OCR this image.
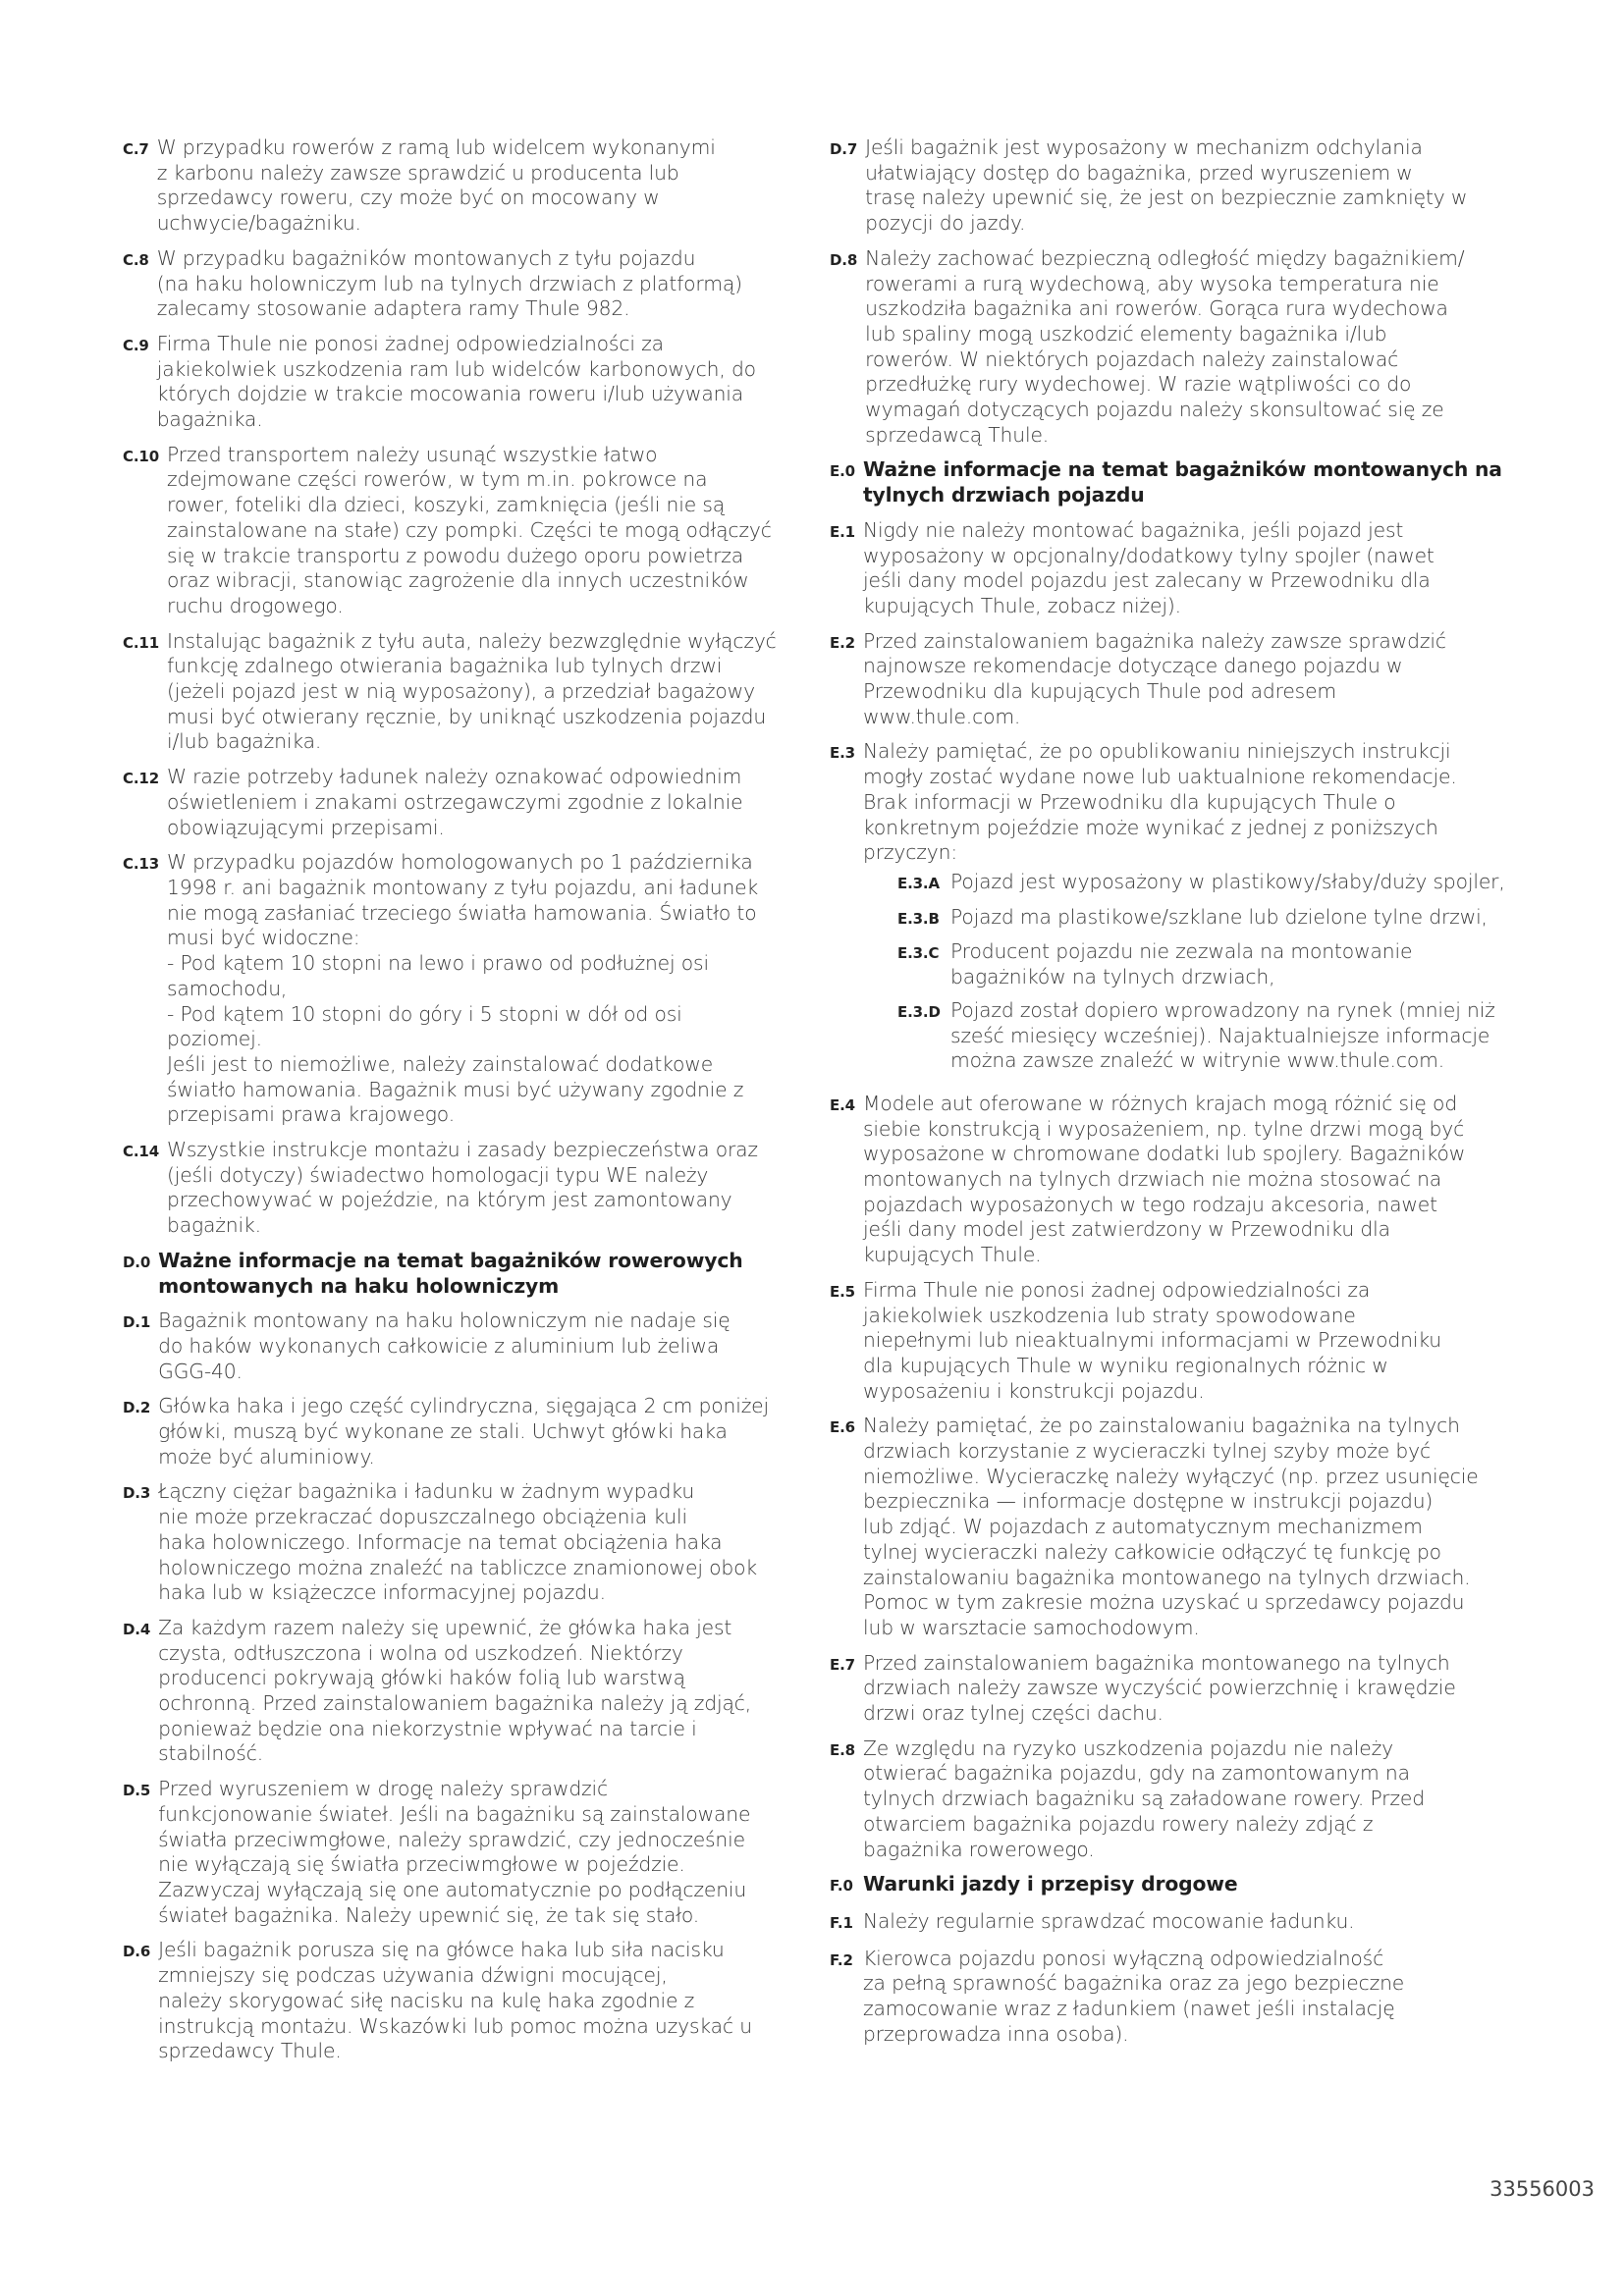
C.7 W przypadku rowerów z ramą lub widelcem wykonanymi
z karbonu należy zawsze sprawdzić u producenta lub
sprzedawcy roweru, czy może być on mocowany w
uchwycie/bagażniku.
C.8 W przypadku bagażników montowanych z tyłu pojazdu
(na haku holowniczym lub na tylnych drzwiach z platformą)
zalecamy stosowanie adaptera ramy Thule 982.
C.9 Firma Thule nie ponosi żadnej odpowiedzialności za
jakiekolwiek uszkodzenia ram lub widelców karbonowych, do
których dojdzie w trakcie mocowania roweru i/lub używania
bagażnika.
C.10 Przed transportem należy usunąć wszystkie łatwo
zdejmowane części rowerów, w tym m.in. pokrowce na
rower, foteliki dla dzieci, koszyki, zamknięcia (jeśli nie są
zainstalowane na stałe) czy pompki. Części te mogą odłączyć
się w trakcie transportu z powodu dużego oporu powietrza
oraz wibracji, stanowiąc zagrożenie dla innych uczestników
ruchu drogowego.
C.11 Instalując bagażnik z tyłu auta, należy bezwzględnie wyłączyć
funkcję zdalnego otwierania bagażnika lub tylnych drzwi
(jeżeli pojazd jest w nią wyposażony), a przedział bagażowy
musi być otwierany ręcznie, by uniknąć uszkodzenia pojazdu
i/lub bagażnika.
C.12 W razie potrzeby ładunek należy oznakować odpowiednim
oświetleniem i znakami ostrzegawczymi zgodnie z lokalnie
obowiązującymi przepisami.
C.13 W przypadku pojazdów homologowanych po 1 października
1998 r. ani bagażnik montowany z tyłu pojazdu, ani ładunek
nie mogą zasłaniać trzeciego światła hamowania. Światło to
musi być widoczne:
- Pod kątem 10 stopni na lewo i prawo od podłużnej osi
samochodu,
- Pod kątem 10 stopni do góry i 5 stopni w dół od osi
poziomej.
Jeśli jest to niemożliwe, należy zainstalować dodatkowe
światło hamowania. Bagażnik musi być używany zgodnie z
przepisami prawa krajowego.
C.14 Wszystkie instrukcje montażu i zasady bezpieczeństwa oraz
(jeśli dotyczy) świadectwo homologacji typu WE należy
przechowywać w pojeździe, na którym jest zamontowany
bagażnik.
D.0 Ważne informacje na temat bagażników rowerowych
montowanych na haku holowniczym
D.1 Bagażnik montowany na haku holowniczym nie nadaje się
do haków wykonanych całkowicie z aluminium lub żeliwa
GGG-40.
D.2 Główka haka i jego część cylindryczna, sięgająca 2 cm poniżej
główki, muszą być wykonane ze stali. Uchwyt główki haka
może być aluminiowy.
D.3 Łączny ciężar bagażnika i ładunku w żadnym wypadku
nie może przekraczać dopuszczalnego obciążenia kuli
haka holowniczego. Informacje na temat obciążenia haka
holowniczego można znaleźć na tabliczce znamionowej obok
haka lub w książeczce informacyjnej pojazdu.
D.4 Za każdym razem należy się upewnić, że główka haka jest
czysta, odtłuszczona i wolna od uszkodzeń. Niektórzy
producenci pokrywają główki haków folią lub warstwą
ochronną. Przed zainstalowaniem bagażnika należy ją zdjąć,
ponieważ będzie ona niekorzystnie wpływać na tarcie i
stabilność.
D.5 Przed wyruszeniem w drogę należy sprawdzić
funkcjonowanie świateł. Jeśli na bagażniku są zainstalowane
światła przeciwmgłowe, należy sprawdzić, czy jednocześnie
nie wyłączają się światła przeciwmgłowe w pojeździe.
Zazwyczaj wyłączają się one automatycznie po podłączeniu
świateł bagażnika. Należy upewnić się, że tak się stało.
D.6 Jeśli bagażnik porusza się na główce haka lub siła nacisku
zmniejszy się podczas używania dźwigni mocującej,
należy skorygować siłę nacisku na kulę haka zgodnie z
instrukcją montażu. Wskazówki lub pomoc można uzyskać u
sprzedawcy Thule.
D.7 Jeśli bagażnik jest wyposażony w mechanizm odchylania
ułatwiający dostęp do bagażnika, przed wyruszeniem w
trasę należy upewnić się, że jest on bezpiecznie zamknięty w
pozycji do jazdy.
D.8 Należy zachować bezpieczną odległość między bagażnikiem/
rowerami a rurą wydechową, aby wysoka temperatura nie
uszkodziła bagażnika ani rowerów. Gorąca rura wydechowa
lub spaliny mogą uszkodzić elementy bagażnika i/lub
rowerów. W niektórych pojazdach należy zainstalować
przedłużkę rury wydechowej. W razie wątpliwości co do
wymagań dotyczących pojazdu należy skonsultować się ze
sprzedawcą Thule.
E.0 Ważne informacje na temat bagażników montowanych na
tylnych drzwiach pojazdu
E.1 Nigdy nie należy montować bagażnika, jeśli pojazd jest
wyposażony w opcjonalny/dodatkowy tylny spojler (nawet
jeśli dany model pojazdu jest zalecany w Przewodniku dla
kupujących Thule, zobacz niżej).
E.2 Przed zainstalowaniem bagażnika należy zawsze sprawdzić
najnowsze rekomendacje dotyczące danego pojazdu w
Przewodniku dla kupujących Thule pod adresem
www.thule.com.
E.3 Należy pamiętać, że po opublikowaniu niniejszych instrukcji
mogły zostać wydane nowe lub uaktualnione rekomendacje.
Brak informacji w Przewodniku dla kupujących Thule o
konkretnym pojeździe może wynikać z jednej z poniższych
przyczyn:
E.3.A Pojazd jest wyposażony w plastikowy/słaby/duży spojler,
E.3.B Pojazd ma plastikowe/szklane lub dzielone tylne drzwi,
E.3.C Producent pojazdu nie zezwala na montowanie
bagażników na tylnych drzwiach,
E.3.D Pojazd został dopiero wprowadzony na rynek (mniej niż
sześć miesięcy wcześniej). Najaktualniejsze informacje
można zawsze znaleźć w witrynie www.thule.com.
E.4 Modele aut oferowane w różnych krajach mogą różnić się od
siebie konstrukcją i wyposażeniem, np. tylne drzwi mogą być
wyposażone w chromowane dodatki lub spojlery. Bagażników
montowanych na tylnych drzwiach nie można stosować na
pojazdach wyposażonych w tego rodzaju akcesoria, nawet
jeśli dany model jest zatwierdzony w Przewodniku dla
kupujących Thule.
E.5 Firma Thule nie ponosi żadnej odpowiedzialności za
jakiekolwiek uszkodzenia lub straty spowodowane
niepełnymi lub nieaktualnymi informacjami w Przewodniku
dla kupujących Thule w wyniku regionalnych różnic w
wyposażeniu i konstrukcji pojazdu.
E.6 Należy pamiętać, że po zainstalowaniu bagażnika na tylnych
drzwiach korzystanie z wycieraczki tylnej szyby może być
niemożliwe. Wycieraczkę należy wyłączyć (np. przez usunięcie
bezpiecznika — informacje dostępne w instrukcji pojazdu)
lub zdjąć. W pojazdach z automatycznym mechanizmem
tylnej wycieraczki należy całkowicie odłączyć tę funkcję po
zainstalowaniu bagażnika montowanego na tylnych drzwiach.
Pomoc w tym zakresie można uzyskać u sprzedawcy pojazdu
lub w warsztacie samochodowym.
E.7 Przed zainstalowaniem bagażnika montowanego na tylnych
drzwiach należy zawsze wyczyścić powierzchnię i krawędzie
drzwi oraz tylnej części dachu.
E.8 Ze względu na ryzyko uszkodzenia pojazdu nie należy
otwierać bagażnika pojazdu, gdy na zamontowanym na
tylnych drzwiach bagażniku są załadowane rowery. Przed
otwarciem bagażnika pojazdu rowery należy zdjąć z
bagażnika rowerowego.
F.0 Warunki jazdy i przepisy drogowe
F.1 Należy regularnie sprawdzać mocowanie ładunku.
F.2 Kierowca pojazdu ponosi wyłączną odpowiedzialność
za pełną sprawność bagażnika oraz za jego bezpieczne
zamocowanie wraz z ładunkiem (nawet jeśli instalację
przeprowadza inna osoba).
33556003
